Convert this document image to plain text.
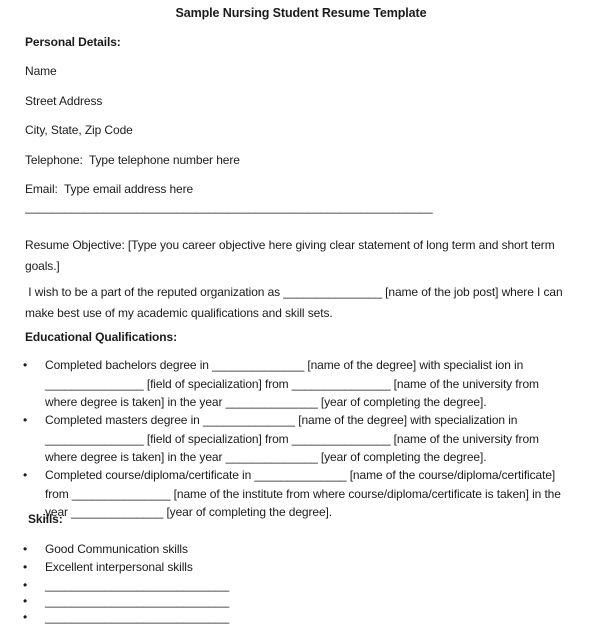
Sample Nursing Student Resume Template
Personal Details:
Name
Street Address
City, State, Zip Code
Telephone:  Type telephone number here
Email:  Type email address here
______________________________________________________________
Resume Objective: [Type you career objective here giving clear statement of long term and short term
goals.]
I wish to be a part of the reputed organization as _______________ [name of the job post] where I can
make best use of my academic qualifications and skill sets.
Educational Qualifications:
• Completed bachelors degree in ______________ [name of the degree] with specialist ion in
_______________ [field of specialization] from _______________ [name of the university from
where degree is taken] in the year ______________ [year of completing the degree].
• Completed masters degree in ______________ [name of the degree] with specialization in
_______________ [field of specialization] from _______________ [name of the university from
where degree is taken] in the year ______________ [year of completing the degree].
• Completed course/diploma/certificate in ______________ [name of the course/diploma/certificate]
from _______________ [name of the institute from where course/diploma/certificate is taken] in the
year ______________ [year of completing the degree].
Skills:
• Good Communication skills
• Excellent interpersonal skills
• ____________________________
• ____________________________
• ____________________________
